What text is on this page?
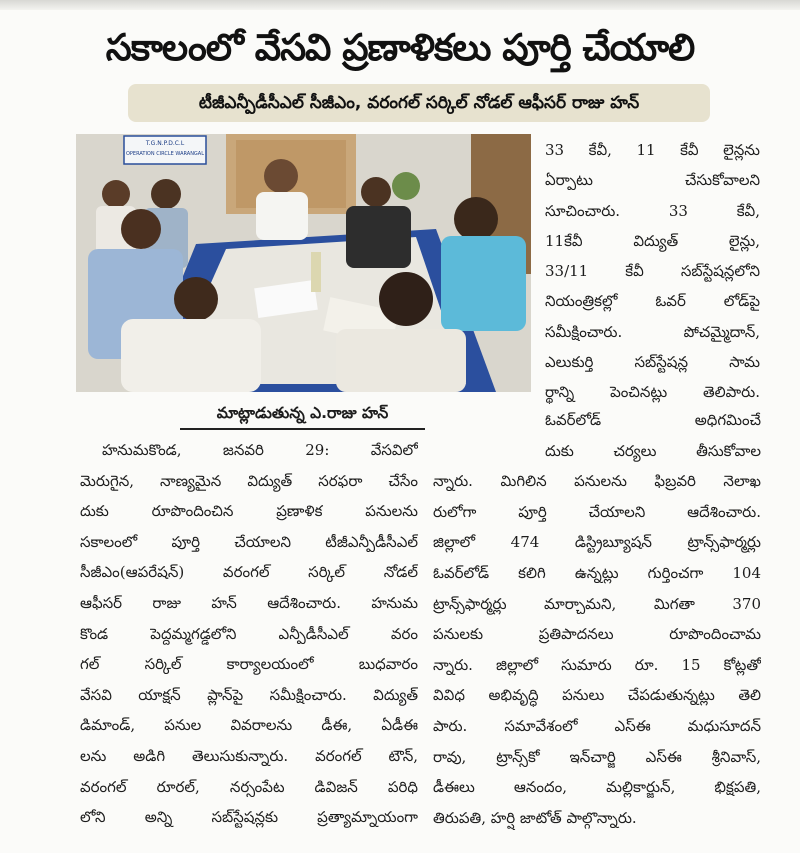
సకాలంలో వేసవి ప్రణాళికలు పూర్తి చేయాలి
టీజీఎన్పీడీసీఎల్ సీజీఎం, వరంగల్ సర్కిల్ నోడల్ ఆఫీసర్ రాజు హన్
T.G.N.P.D.C.L
OPERATION CIRCLE WARANGAL
మాట్లాడుతున్న ఎ.రాజు హన్
33 కేవీ, 11 కేవీ లైన్లను
ఏర్పాటు చేసుకోవాలని
సూచించారు. 33 కేవీ,
11కేవీ విద్యుత్ లైన్లు,
33/11 కేవీ సబ్‌స్టేషన్లలోని
నియంత్రికల్లో ఓవర్ లోడ్‌పై
సమీక్షించారు. పోచమ్మైదాన్,
ఎలుకుర్తి సబ్‌స్టేషన్ల సామ
ర్థాన్ని పెంచినట్లు తెలిపారు.
ఓవర్‌లోడ్ అధిగమించే
దుకు చర్యలు తీసుకోవాల
న్నారు. మిగిలిన పనులను ఫిబ్రవరి నెలాఖ
రులోగా పూర్తి చేయాలని ఆదేశించారు.
జిల్లాలో 474 డిస్ట్రిబ్యూషన్ ట్రాన్స్‌ఫార్మర్లు
ఓవర్‌లోడ్ కలిగి ఉన్నట్లు గుర్తించగా 104
ట్రాన్స్‌ఫార్మర్లు మార్చామని, మిగతా 370
పనులకు ప్రతిపాదనలు రూపొందించామ
న్నారు. జిల్లాలో సుమారు రూ. 15 కోట్లతో
వివిధ అభివృద్ధి పనులు చేపడుతున్నట్లు తెలి
పారు. సమావేశంలో ఎస్ఈ మధుసూదన్
రావు, ట్రాన్స్‌కో ఇన్‌చార్జి ఎస్ఈ శ్రీనివాస్,
డీఈలు ఆనందం, మల్లికార్జున్, భిక్షపతి,
తిరుపతి, హర్షి జాటోత్ పాల్గొన్నారు.
హనుమకొండ, జనవరి 29: వేసవిలో
మెరుగైన, నాణ్యమైన విద్యుత్ సరఫరా చేసేం
దుకు రూపొందించిన ప్రణాళిక పనులను
సకాలంలో పూర్తి చేయాలని టీజీఎన్పీడీసీఎల్
సీజీఎం(ఆపరేషన్) వరంగల్ సర్కిల్ నోడల్
ఆఫీసర్ రాజు హన్ ఆదేశించారు. హనుమ
కొండ పెద్దమ్మగడ్డలోని ఎన్పీడీసీఎల్ వరం
గల్ సర్కిల్ కార్యాలయంలో బుధవారం
వేసవి యాక్షన్ ప్లాన్‌పై సమీక్షించారు. విద్యుత్
డిమాండ్, పనుల వివరాలను డీఈ, ఏడీఈ
లను అడిగి తెలుసుకున్నారు. వరంగల్ టౌన్,
వరంగల్ రూరల్, నర్సంపేట డివిజన్ పరిధి
లోని అన్ని సబ్‌స్టేషన్లకు ప్రత్యామ్నాయంగా
